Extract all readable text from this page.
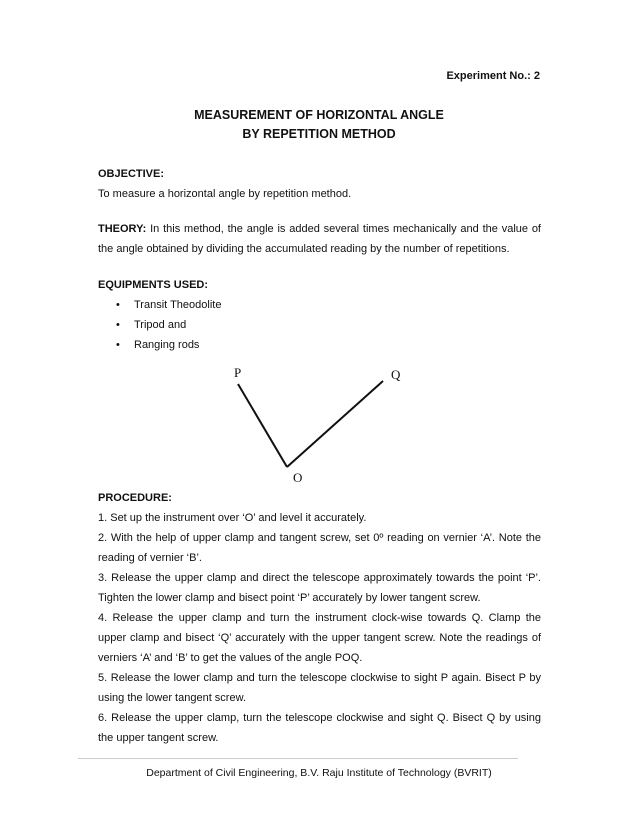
Experiment No.: 2
MEASUREMENT OF HORIZONTAL ANGLE
BY REPETITION METHOD
OBJECTIVE:
To measure a horizontal angle by repetition method.
THEORY: In this method, the angle is added several times mechanically and the value of the angle obtained by dividing the accumulated reading by the number of repetitions.
EQUIPMENTS USED:
• Transit Theodolite
• Tripod and
• Ranging rods
P	Q
O
PROCEDURE:

1. Set up the instrument over ‘O’ and level it accurately.

2. With the help of upper clamp and tangent screw, set 0º reading on vernier ‘A’. Note the reading of vernier ‘B’.

3. Release the upper clamp and direct the telescope approximately towards the point ‘P’. Tighten the lower clamp and bisect point ‘P’ accurately by lower tangent screw.

4. Release the upper clamp and turn the instrument clock-wise towards Q. Clamp the upper clamp and bisect ‘Q’ accurately with the upper tangent screw. Note the readings of verniers ‘A’ and ‘B’ to get the values of the angle POQ.

5. Release the lower clamp and turn the telescope clockwise to sight P again. Bisect P by using the lower tangent screw.

6. Release the upper clamp, turn the telescope clockwise and sight Q. Bisect Q by using the upper tangent screw.

Department of Civil Engineering, B.V. Raju Institute of Technology (BVRIT)
